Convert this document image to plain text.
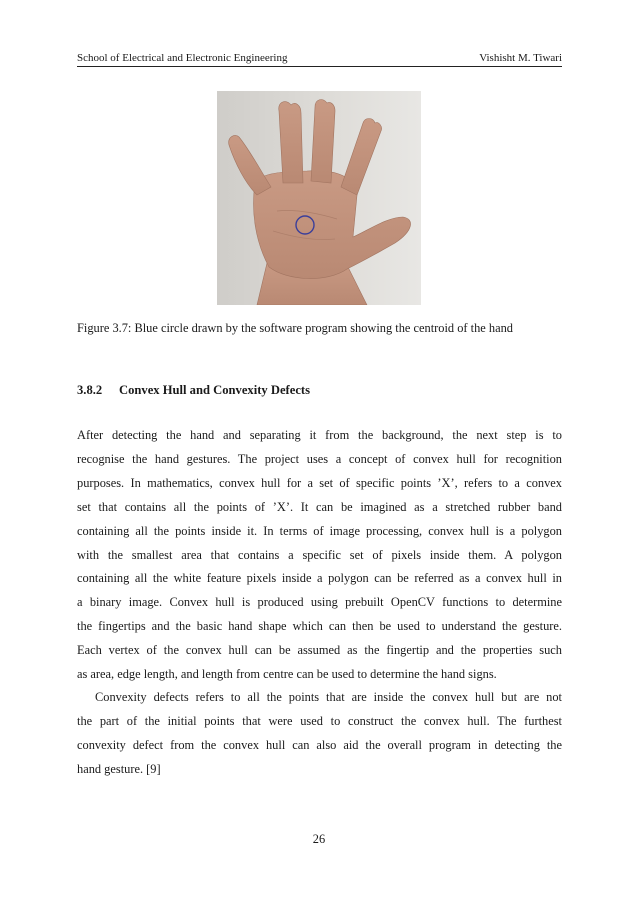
School of Electrical and Electronic Engineering	Vishisht M. Tiwari
Figure 3.7: Blue circle drawn by the software program showing the centroid of the hand
3.8.2 Convex Hull and Convexity Defects
After detecting the hand and separating it from the background, the next step is to
recognise the hand gestures. The project uses a concept of convex hull for recognition
purposes. In mathematics, convex hull for a set of specific points ’X’, refers to a convex
set that contains all the points of ’X’. It can be imagined as a stretched rubber band
containing all the points inside it. In terms of image processing, convex hull is a polygon
with the smallest area that contains a specific set of pixels inside them. A polygon
containing all the white feature pixels inside a polygon can be referred as a convex hull in
a binary image. Convex hull is produced using prebuilt OpenCV functions to determine
the fingertips and the basic hand shape which can then be used to understand the gesture.
Each vertex of the convex hull can be assumed as the fingertip and the properties such
as area, edge length, and length from centre can be used to determine the hand signs.
Convexity defects refers to all the points that are inside the convex hull but are not
the part of the initial points that were used to construct the convex hull. The furthest
convexity defect from the convex hull can also aid the overall program in detecting the
hand gesture. [9]
26
